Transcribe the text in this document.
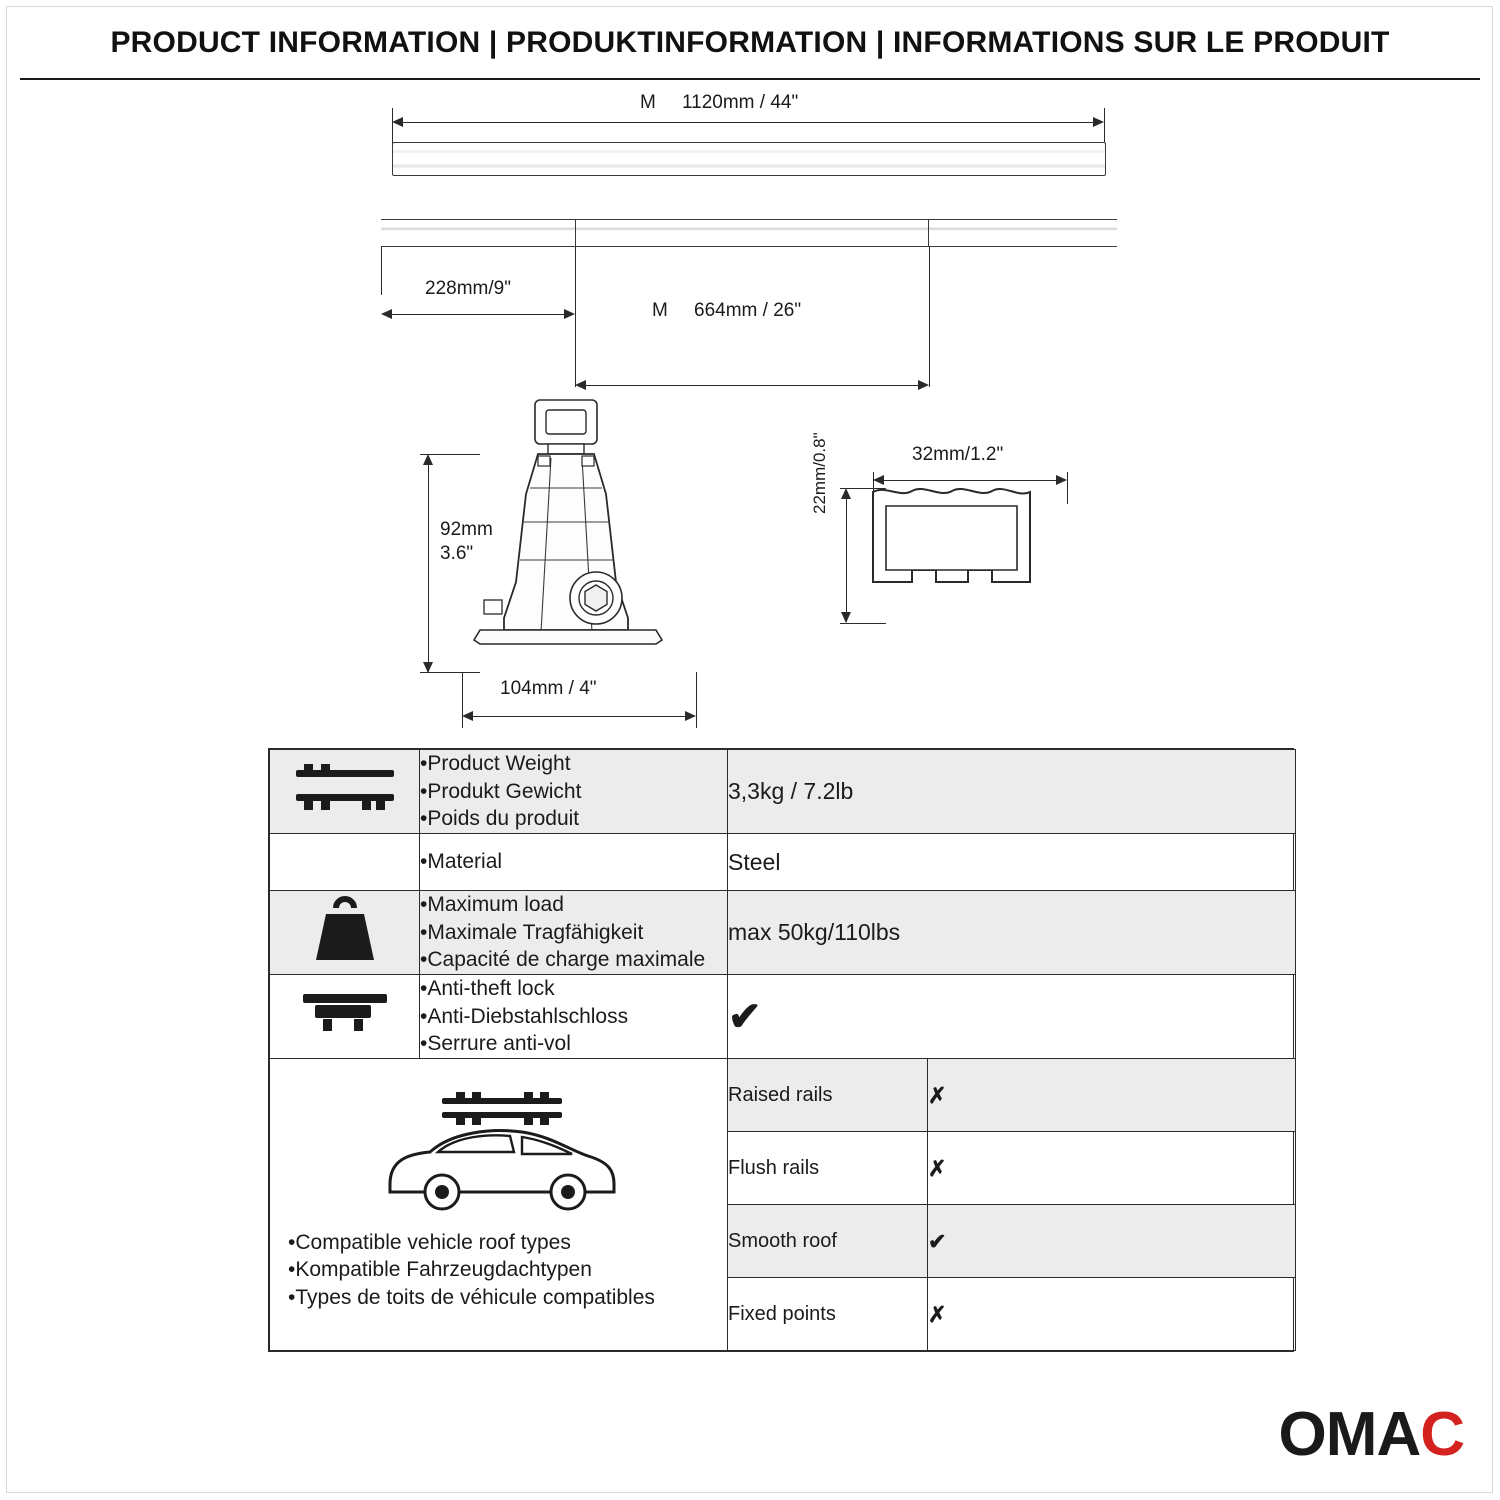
PRODUCT INFORMATION | PRODUKTINFORMATION | INFORMATIONS SUR LE PRODUIT
M 1120mm / 44"
228mm/9"
M 664mm / 26"
92mm
3.6"
104mm / 4"
32mm/1.2"
22mm/0.8"

•Product Weight
•Produkt Gewicht
•Poids du produit	3,3kg / 7.2lb	

	•Material	Steel	

•Maximum load
•Maximale Tragfähigkeit
•Capacité de charge maximale	max 50kg/110lbs	

•Anti-theft lock
•Anti-Diebstahlschloss
•Serrure anti-vol	✔	

•Compatible vehicle roof types
•Kompatible Fahrzeugdachtypen
•Types de toits de véhicule compatibles		Raised rails	✗
		Flush rails	✗
		Smooth roof	✔
		Fixed points	✗
O M A C
